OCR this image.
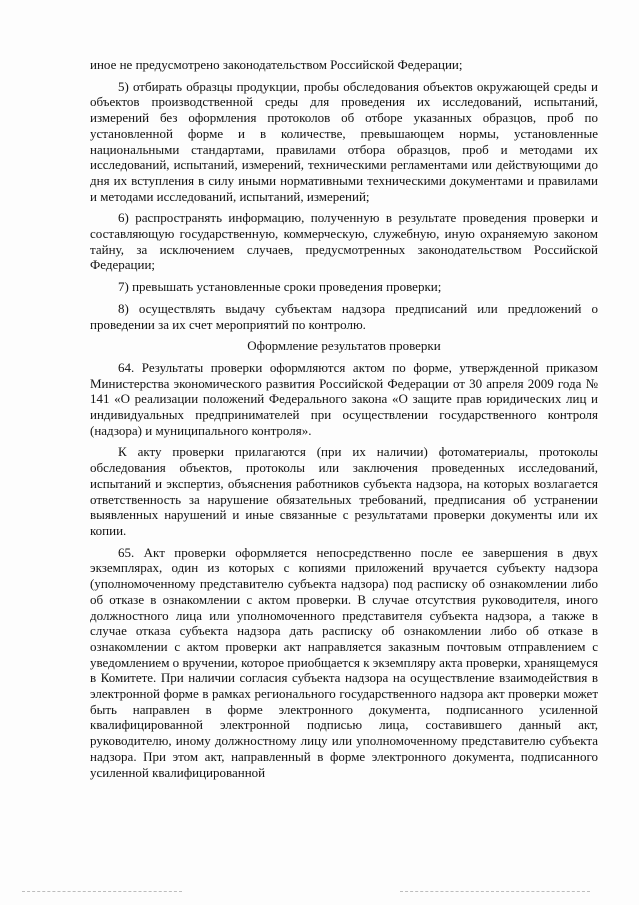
иное не предусмотрено законодательством Российской Федерации;

5) отбирать образцы продукции, пробы обследования объектов окружающей среды и объектов производственной среды для проведения их исследований, испытаний, измерений без оформления протоколов об отборе указанных образцов, проб по установленной форме и в количестве, превышающем нормы, установленные национальными стандартами, правилами отбора образцов, проб и методами их исследований, испытаний, измерений, техническими регламентами или действующими до дня их вступления в силу иными нормативными техническими документами и правилами и методами исследований, испытаний, измерений;

6) распространять информацию, полученную в результате проведения проверки и составляющую государственную, коммерческую, служебную, иную охраняемую законом тайну, за исключением случаев, предусмотренных законодательством Российской Федерации;

7) превышать установленные сроки проведения проверки;

8) осуществлять выдачу субъектам надзора предписаний или предложений о проведении за их счет мероприятий по контролю.

Оформление результатов проверки

64. Результаты проверки оформляются актом по форме, утвержденной приказом Министерства экономического развития Российской Федерации от 30 апреля 2009 года № 141 «О реализации положений Федерального закона «О защите прав юридических лиц и индивидуальных предпринимателей при осуществлении государственного контроля (надзора) и муниципального контроля».

К акту проверки прилагаются (при их наличии) фотоматериалы, протоколы обследования объектов, протоколы или заключения проведенных исследований, испытаний и экспертиз, объяснения работников субъекта надзора, на которых возлагается ответственность за нарушение обязательных требований, предписания об устранении выявленных нарушений и иные связанные с результатами проверки документы или их копии.

65. Акт проверки оформляется непосредственно после ее завершения в двух экземплярах, один из которых с копиями приложений вручается субъекту надзора (уполномоченному представителю субъекта надзора) под расписку об ознакомлении либо об отказе в ознакомлении с актом проверки. В случае отсутствия руководителя, иного должностного лица или уполномоченного представителя субъекта надзора, а также в случае отказа субъекта надзора дать расписку об ознакомлении либо об отказе в ознакомлении с актом проверки акт направляется заказным почтовым отправлением с уведомлением о вручении, которое приобщается к экземпляру акта проверки, хранящемуся в Комитете. При наличии согласия субъекта надзора на осуществление взаимодействия в электронной форме в рамках регионального государственного надзора акт проверки может быть направлен в форме электронного документа, подписанного усиленной квалифицированной электронной подписью лица, составившего данный акт, руководителю, иному должностному лицу или уполномоченному представителю субъекта надзора. При этом акт, направленный в форме электронного документа, подписанного усиленной квалифицированной
